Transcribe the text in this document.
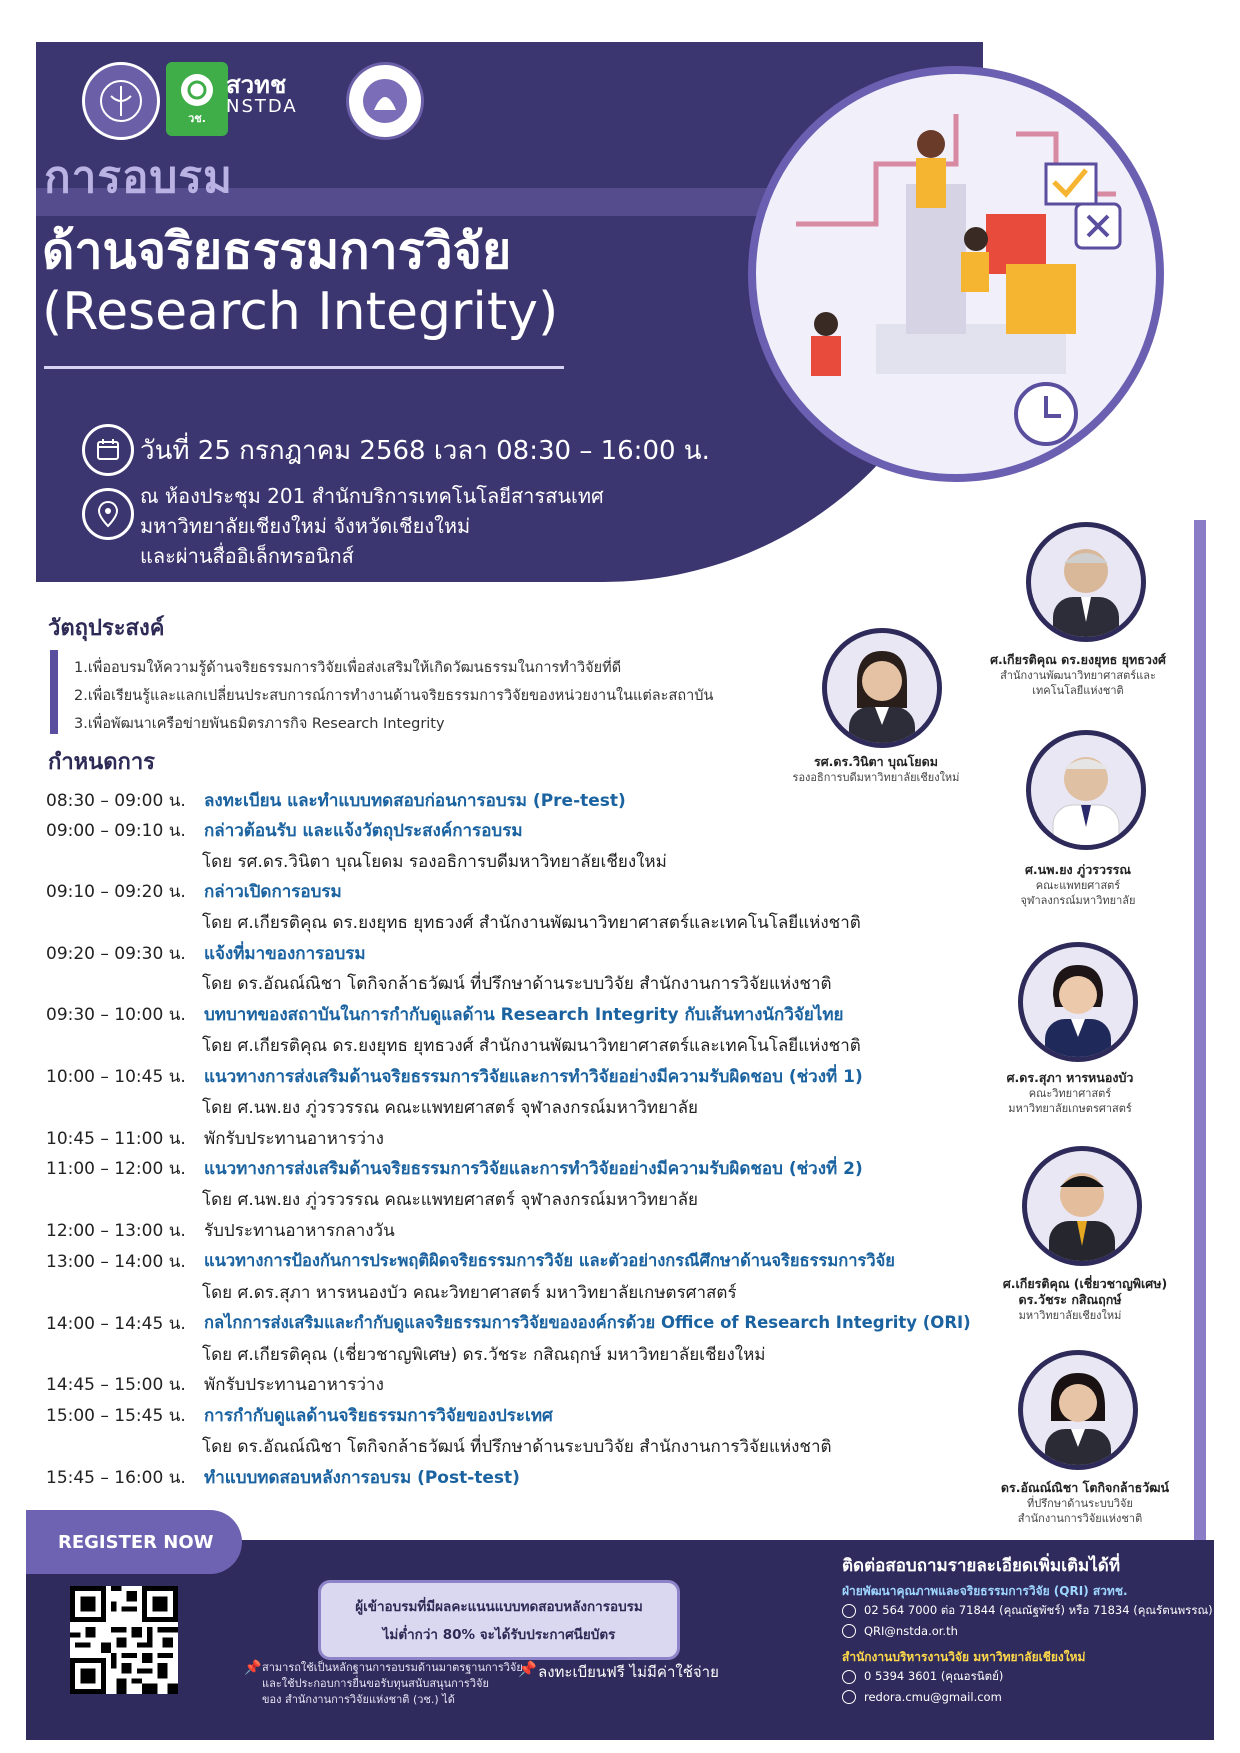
วช.
สวทช
NSTDA
การอบรม
ด้านจริยธรรมการวิจัย
(Research Integrity)
วันที่ 25 กรกฎาคม 2568 เวลา 08:30 – 16:00 น.
ณ ห้องประชุม 201 สำนักบริการเทคโนโลยีสารสนเทศ
มหาวิทยาลัยเชียงใหม่ จังหวัดเชียงใหม่
และผ่านสื่ออิเล็กทรอนิกส์
วัตถุประสงค์
1.เพื่ออบรมให้ความรู้ด้านจริยธรรมการวิจัยเพื่อส่งเสริมให้เกิดวัฒนธรรมในการทำวิจัยที่ดี
2.เพื่อเรียนรู้และแลกเปลี่ยนประสบการณ์การทำงานด้านจริยธรรมการวิจัยของหน่วยงานในแต่ละสถาบัน
3.เพื่อพัฒนาเครือข่ายพันธมิตรภารกิจ Research Integrity
กำหนดการ
08:30 – 09:00 น. ลงทะเบียน และทำแบบทดสอบก่อนการอบรม (Pre-test)
09:00 – 09:10 น. กล่าวต้อนรับ และแจ้งวัตถุประสงค์การอบรม
โดย รศ.ดร.วินิตา บุณโยดม รองอธิการบดีมหาวิทยาลัยเชียงใหม่
09:10 – 09:20 น. กล่าวเปิดการอบรม
โดย ศ.เกียรติคุณ ดร.ยงยุทธ ยุทธวงศ์ สำนักงานพัฒนาวิทยาศาสตร์และเทคโนโลยีแห่งชาติ
09:20 – 09:30 น. แจ้งที่มาของการอบรม
โดย ดร.อัณณ์ณิชา โตกิจกล้าธวัฒน์ ที่ปรึกษาด้านระบบวิจัย สำนักงานการวิจัยแห่งชาติ
09:30 – 10:00 น. บทบาทของสถาบันในการกำกับดูแลด้าน Research Integrity กับเส้นทางนักวิจัยไทย
โดย ศ.เกียรติคุณ ดร.ยงยุทธ ยุทธวงศ์ สำนักงานพัฒนาวิทยาศาสตร์และเทคโนโลยีแห่งชาติ
10:00 – 10:45 น. แนวทางการส่งเสริมด้านจริยธรรมการวิจัยและการทำวิจัยอย่างมีความรับผิดชอบ (ช่วงที่ 1)
โดย ศ.นพ.ยง ภู่วรวรรณ คณะแพทยศาสตร์ จุฬาลงกรณ์มหาวิทยาลัย
10:45 – 11:00 น. พักรับประทานอาหารว่าง
11:00 – 12:00 น. แนวทางการส่งเสริมด้านจริยธรรมการวิจัยและการทำวิจัยอย่างมีความรับผิดชอบ (ช่วงที่ 2)
โดย ศ.นพ.ยง ภู่วรวรรณ คณะแพทยศาสตร์ จุฬาลงกรณ์มหาวิทยาลัย
12:00 – 13:00 น. รับประทานอาหารกลางวัน
13:00 – 14:00 น. แนวทางการป้องกันการประพฤติผิดจริยธรรมการวิจัย และตัวอย่างกรณีศึกษาด้านจริยธรรมการวิจัย
โดย ศ.ดร.สุภา หารหนองบัว คณะวิทยาศาสตร์ มหาวิทยาลัยเกษตรศาสตร์
14:00 – 14:45 น. กลไกการส่งเสริมและกำกับดูแลจริยธรรมการวิจัยขององค์กรด้วย Office of Research Integrity (ORI)
โดย ศ.เกียรติคุณ (เชี่ยวชาญพิเศษ) ดร.วัชระ กสิณฤกษ์ มหาวิทยาลัยเชียงใหม่
14:45 – 15:00 น. พักรับประทานอาหารว่าง
15:00 – 15:45 น. การกำกับดูแลด้านจริยธรรมการวิจัยของประเทศ
โดย ดร.อัณณ์ณิชา โตกิจกล้าธวัฒน์ ที่ปรึกษาด้านระบบวิจัย สำนักงานการวิจัยแห่งชาติ
15:45 – 16:00 น. ทำแบบทดสอบหลังการอบรม (Post-test)
ศ.เกียรติคุณ ดร.ยงยุทธ ยุทธวงศ์
สำนักงานพัฒนาวิทยาศาสตร์และ
เทคโนโลยีแห่งชาติ
รศ.ดร.วินิตา บุณโยดม
รองอธิการบดีมหาวิทยาลัยเชียงใหม่
ศ.นพ.ยง ภู่วรวรรณ
คณะแพทยศาสตร์
จุฬาลงกรณ์มหาวิทยาลัย
ศ.ดร.สุภา หารหนองบัว
คณะวิทยาศาสตร์
มหาวิทยาลัยเกษตรศาสตร์
ศ.เกียรติคุณ (เชี่ยวชาญพิเศษ)
ดร.วัชระ กสิณฤกษ์
มหาวิทยาลัยเชียงใหม่
ดร.อัณณ์ณิชา โตกิจกล้าธวัฒน์
ที่ปรึกษาด้านระบบวิจัย
สำนักงานการวิจัยแห่งชาติ
REGISTER NOW
ผู้เข้าอบรมที่มีผลคะแนนแบบทดสอบหลังการอบรม
ไม่ต่ำกว่า 80% จะได้รับประกาศนียบัตร
📌 สามารถใช้เป็นหลักฐานการอบรมด้านมาตรฐานการวิจัย
และใช้ประกอบการยื่นขอรับทุนสนับสนุนการวิจัย
ของ สำนักงานการวิจัยแห่งชาติ (วช.) ได้
📌 ลงทะเบียนฟรี ไม่มีค่าใช้จ่าย
ติดต่อสอบถามรายละเอียดเพิ่มเติมได้ที่
ฝ่ายพัฒนาคุณภาพและจริยธรรมการวิจัย (QRI) สวทช.
02 564 7000 ต่อ 71844 (คุณณัฐพัชร์) หรือ 71834 (คุณรัตนพรรณ)
QRI@nstda.or.th
สำนักงานบริหารงานวิจัย มหาวิทยาลัยเชียงใหม่
0 5394 3601 (คุณอรนิตย์)
redora.cmu@gmail.com
